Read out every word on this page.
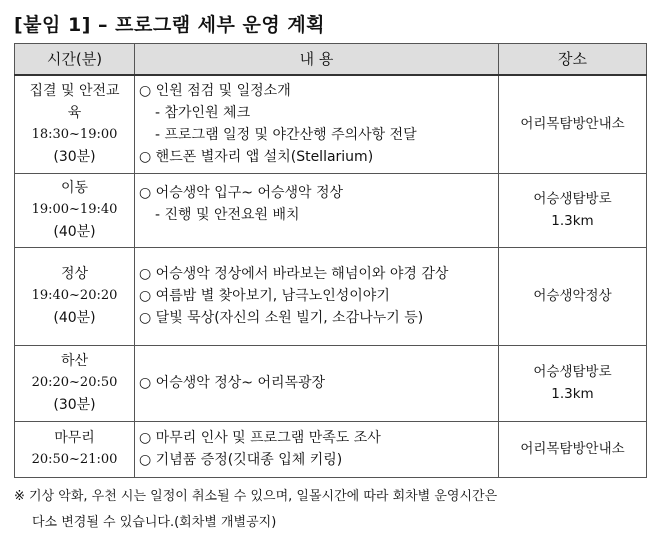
[붙임 1] – 프로그램 세부 운영 계획
시간(분)	내 용	장소

집결 및 안전교
육
18:30~19:00
(30분)	○ 인원 점검 및 일정소개
- 참가인원 체크
- 프로그램 일정 및 야간산행 주의사항 전달
○ 핸드폰 별자리 앱 설치(Stellarium)	어리목탐방안내소

이동
19:00~19:40
(40분)	○ 어승생악 입구~ 어승생악 정상
- 진행 및 안전요원 배치	어승생탐방로
1.3km

정상
19:40~20:20
(40분)	○ 어승생악 정상에서 바라보는 해넘이와 야경 감상
○ 여름밤 별 찾아보기, 남극노인성이야기
○ 달빛 묵상(자신의 소원 빌기, 소감나누기 등)	어승생악정상

하산
20:20~20:50
(30분)	○ 어승생악 정상~ 어리목광장	어승생탐방로
1.3km

마무리
20:50~21:00	○ 마무리 인사 및 프로그램 만족도 조사
○ 기념품 증정(깃대종 입체 키링)	어리목탐방안내소
※ 기상 악화, 우천 시는 일정이 취소될 수 있으며, 일몰시간에 따라 회차별 운영시간은
다소 변경될 수 있습니다.(회차별 개별공지)
